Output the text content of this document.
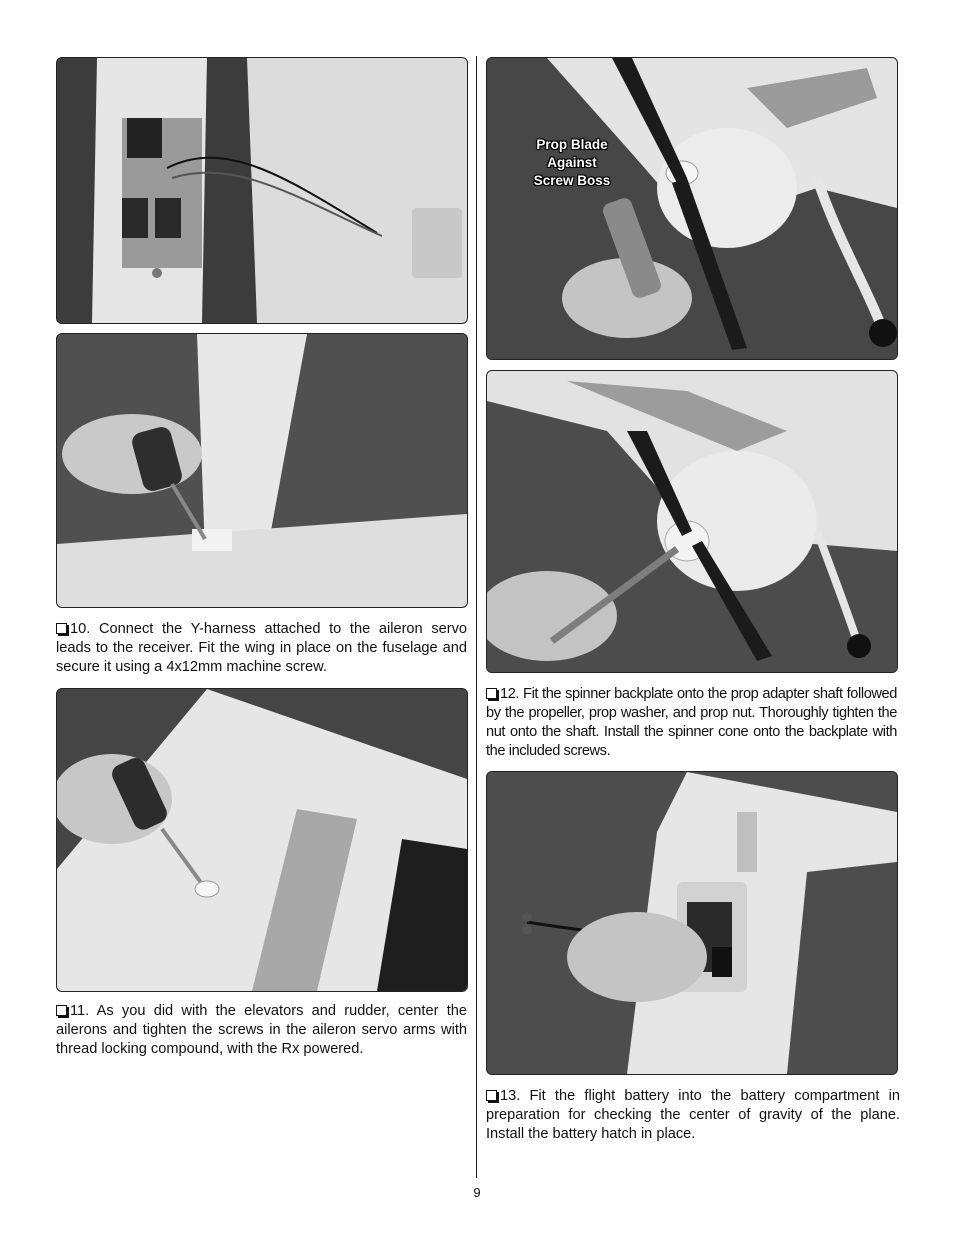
10. Connect the Y-harness attached to the aileron servo leads to the receiver. Fit the wing in place on the fuselage and secure it using a 4x12mm machine screw.

11. As you did with the elevators and rudder, center the ailerons and tighten the screws in the aileron servo arms with thread locking compound, with the Rx powered.

Prop Blade
Against
Screw Boss

12. Fit the spinner backplate onto the prop adapter shaft followed by the propeller, prop washer, and prop nut. Thoroughly tighten the nut onto the shaft. Install the spinner cone onto the backplate with the included screws.

13. Fit the flight battery into the battery compartment in preparation for checking the center of gravity of the plane. Install the battery hatch in place.

9
